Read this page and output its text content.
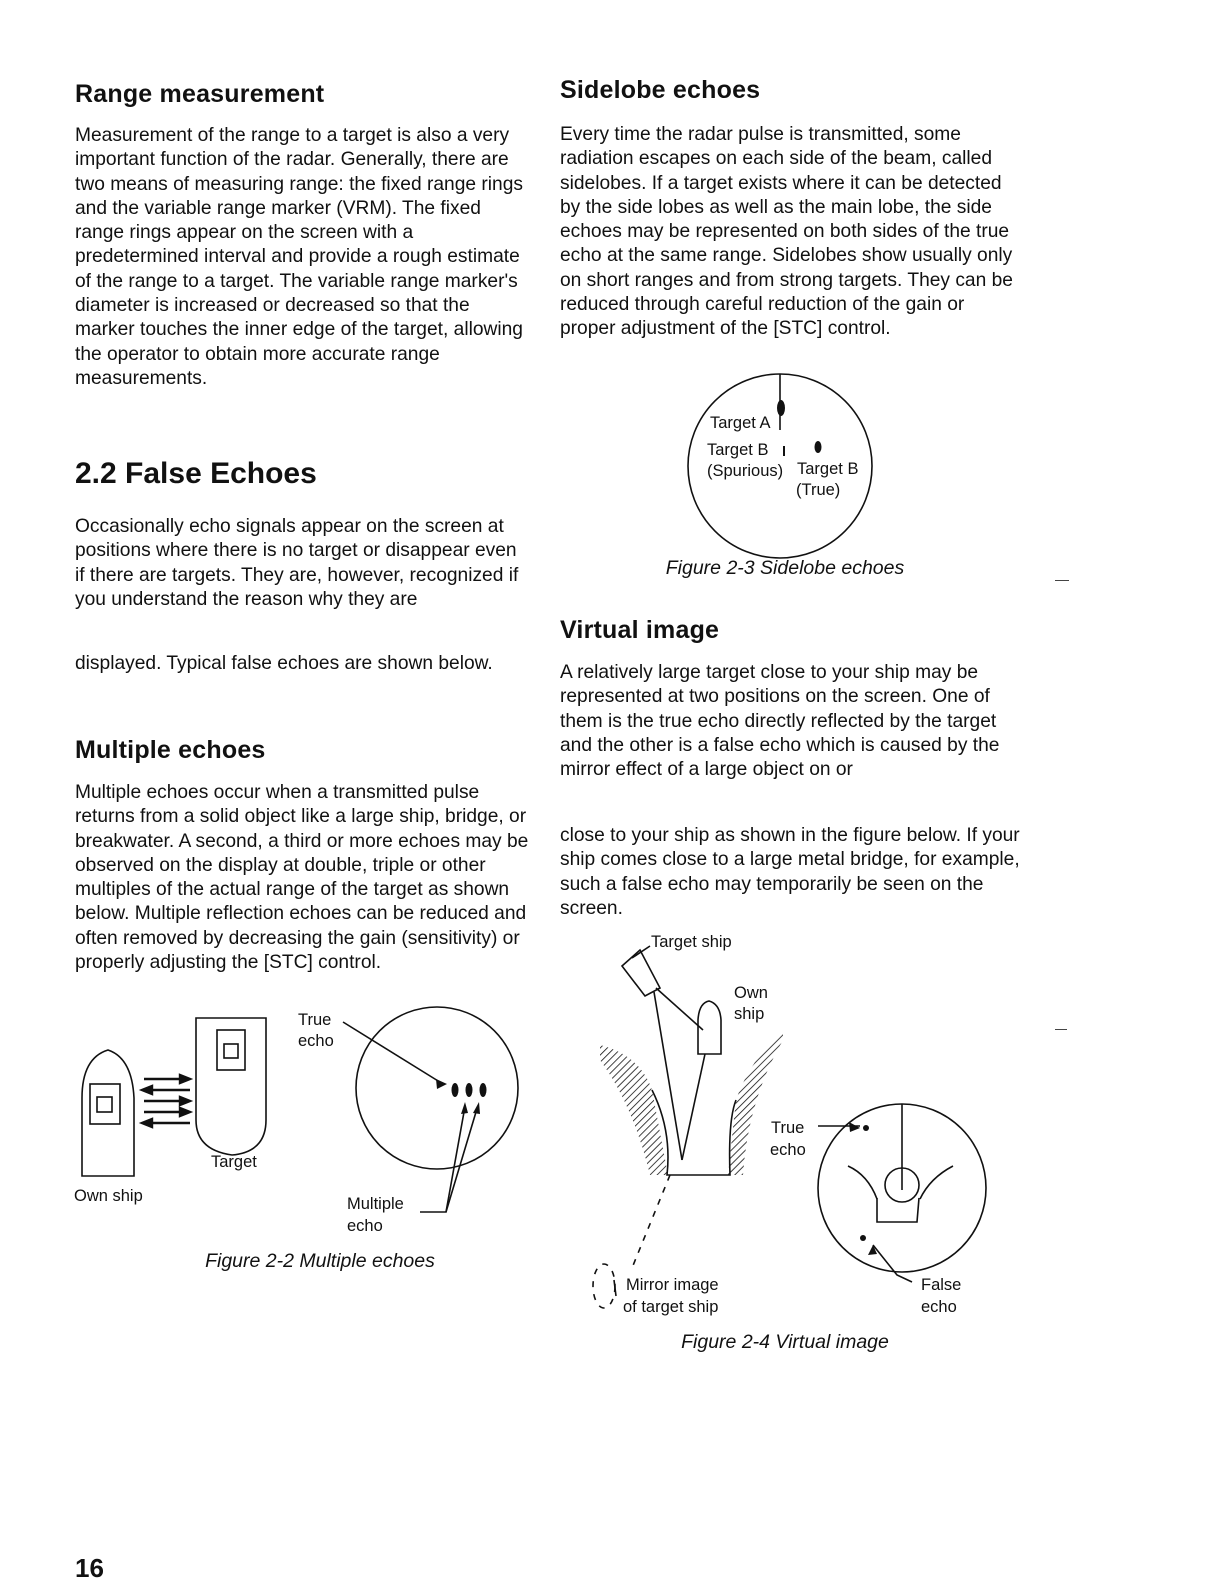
Range measurement

Measurement of the range to a target is also a very important function of the radar. Generally, there are two means of measuring range: the fixed range rings and the variable range marker (VRM). The fixed range rings appear on the screen with a predetermined interval and provide a rough estimate of the range to a target. The variable range marker's diameter is increased or decreased so that the marker touches the inner edge of the target, allowing the operator to obtain more accurate range measurements.

2.2 False Echoes

Occasionally echo signals appear on the screen at positions where there is no target or disappear even if there are targets. They are, however, recognized if you understand the reason why they are

displayed. Typical false echoes are shown below.

Multiple echoes

Multiple echoes occur when a transmitted pulse returns from a solid object like a large ship, bridge, or breakwater. A second, a third or more echoes may be observed on the display at double, triple or other multiples of the actual range of the target as shown below. Multiple reflection echoes can be reduced and often removed by decreasing the gain (sensitivity) or properly adjusting the [STC] control.

Own ship
Target
True
echo
Multiple
echo
Figure 2-2 Multiple echoes
Sidelobe echoes

Every time the radar pulse is transmitted, some radiation escapes on each side of the beam, called sidelobes. If a target exists where it can be detected by the side lobes as well as the main lobe, the side echoes may be represented on both sides of the true echo at the same range. Sidelobes show usually only on short ranges and from strong targets. They can be reduced through careful reduction of the gain or proper adjustment of the [STC] control.

Target A
Target B
(Spurious) Target B
(True)
Figure 2-3 Sidelobe echoes
Virtual image

A relatively large target close to your ship may be represented at two positions on the screen. One of them is the true echo directly reflected by the target and the other is a false echo which is caused by the mirror effect of a large object on or

close to your ship as shown in the figure below. If your ship comes close to a large metal bridge, for example, such a false echo may temporarily be seen on the screen.

Target ship
Own
ship
True
echo
Mirror image
of target ship
False
echo
Figure 2-4 Virtual image
16
